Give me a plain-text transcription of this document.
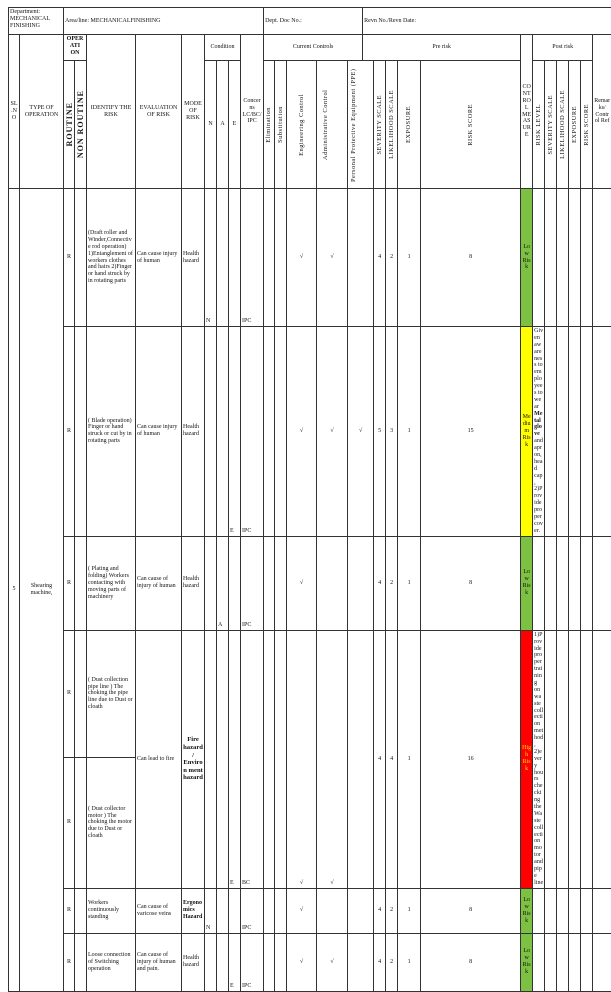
Department: MECHANICAL FINISHING		Area/line: MECHANICALFINISHING									Dept. Doc No.:					Revn No./Revn Date:												
SL.N O	TYPE OF OPERATION	OPERATI ON		IDENTIFY THE RISK	EVALUATION OF RISK	MODE OF RISK	Condition			Concerns LC/BC/ IPC	Current Controls					Pre risk					CONTROL MEASURE	Post risk					Remarks/ Control Ref	

		ROUTINE	NON ROUTINE				N	A	E		Elimination	Substitution	Engineering Control	Administrative Control	Personal Protective Equipment (PPE)		SEVERITY SCALE	LIKELIHOOD SCALE	EXPOSURE	RISK SCORE		RISK LEVEL	SEVERITY SCALE	LIKELIHOOD SCALE	EXPOSURE	RISK SCORE

5	Shearing machine,	R		(Draft roller and Winder,Connectiv e rod operation) 1)Entanglement of workers clothes and hairs 2)Finger or hand struck by in rotating parts	Can cause injury of human	Health hazard	N			IPC			√	√			4	2	1	8	Low Risk							
		R		( Blade operation) Finger or hand struck or cut by in rotating parts	Can cause injury of human	Health hazard			E	IPC			√	√	√		5	3	1	15	Medium Risk	Given awareness to employees to wear Metal glove and apron,head cap , 2)Provide proper cover.						
		R		( Plating and folding) Workers contacting with moving parts of machinery	Can cause of injury of human	Health hazard		A		IPC			√				4	2	1	8	Low Risk							
		R		( Dust collection pipe line ) The choking the pipe line due to Dust or cloath	Can lead to fire	Fire hazard / Environ ment hazard			E	BC			√	√			4	4	1	16	High Risk	1)Provide proper training on waste collection method, 2)every hours checking the Waste collection motor and pipe line						
		R		( Dust collector motor ) The choking the motor due to Dust or cloath																								
		R		Workers continuously standing	Can cause of varicose veins	Ergono mics Hazard	N			IPC			√				4	2	1	8	Low Risk							
		R		Loose connection of Switching operation	Can cause of injury of human and pain.	Health hazard			E	IPC			√	√			4	2	1	8	Low Risk							
